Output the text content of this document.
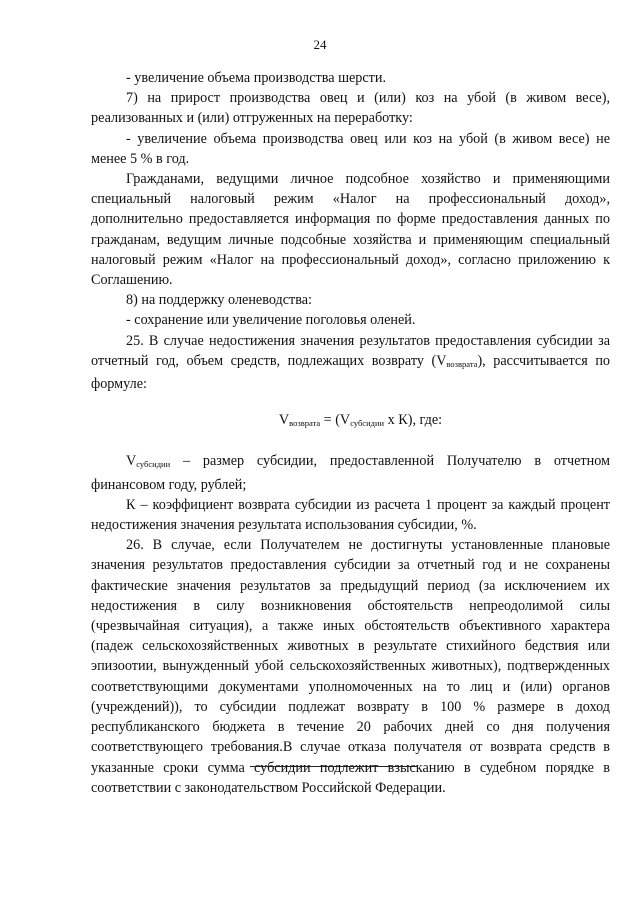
24

- увеличение объема производства шерсти.

7) на прирост производства овец и (или) коз на убой (в живом весе), реализованных и (или) отгруженных на переработку:

- увеличение объема производства овец или коз на убой (в живом весе) не менее 5 % в год.

Гражданами, ведущими личное подсобное хозяйство и применяющими специальный налоговый режим «Налог на профессиональный доход», дополнительно предоставляется информация по форме предоставления данных по гражданам, ведущим личные подсобные хозяйства и применяющим специальный налоговый режим «Налог на профессиональный доход», согласно приложению к Соглашению.

8) на поддержку оленеводства:

- сохранение или увеличение поголовья оленей.

25. В случае недостижения значения результатов предоставления субсидии за отчетный год, объем средств, подлежащих возврату $(V_{возврата})$, рассчитывается по формуле:

$V_{возврата} = (V_{субсидии}$ x К), где:

$V_{субсидии}$ – размер субсидии, предоставленной Получателю в отчетном финансовом году, рублей;

К – коэффициент возврата субсидии из расчета 1 процент за каждый процент недостижения значения результата использования субсидии, %.

26. В случае, если Получателем не достигнуты установленные плановые значения результатов предоставления субсидии за отчетный год и не сохранены фактические значения результатов за предыдущий период (за исключением их недостижения в силу возникновения обстоятельств непреодолимой силы (чрезвычайная ситуация), а также иных обстоятельств объективного характера (падеж сельскохозяйственных животных в результате стихийного бедствия или эпизоотии, вынужденный убой сельскохозяйственных животных), подтвержденных соответствующими документами уполномоченных на то лиц и (или) органов (учреждений)), то субсидии подлежат возврату в 100 % размере в доход республиканского бюджета в течение 20 рабочих дней со дня получения соответствующего требования.В случае отказа получателя от возврата средств в указанные сроки сумма субсидии подлежит взысканию в судебном порядке в соответствии с законодательством Российской Федерации.
